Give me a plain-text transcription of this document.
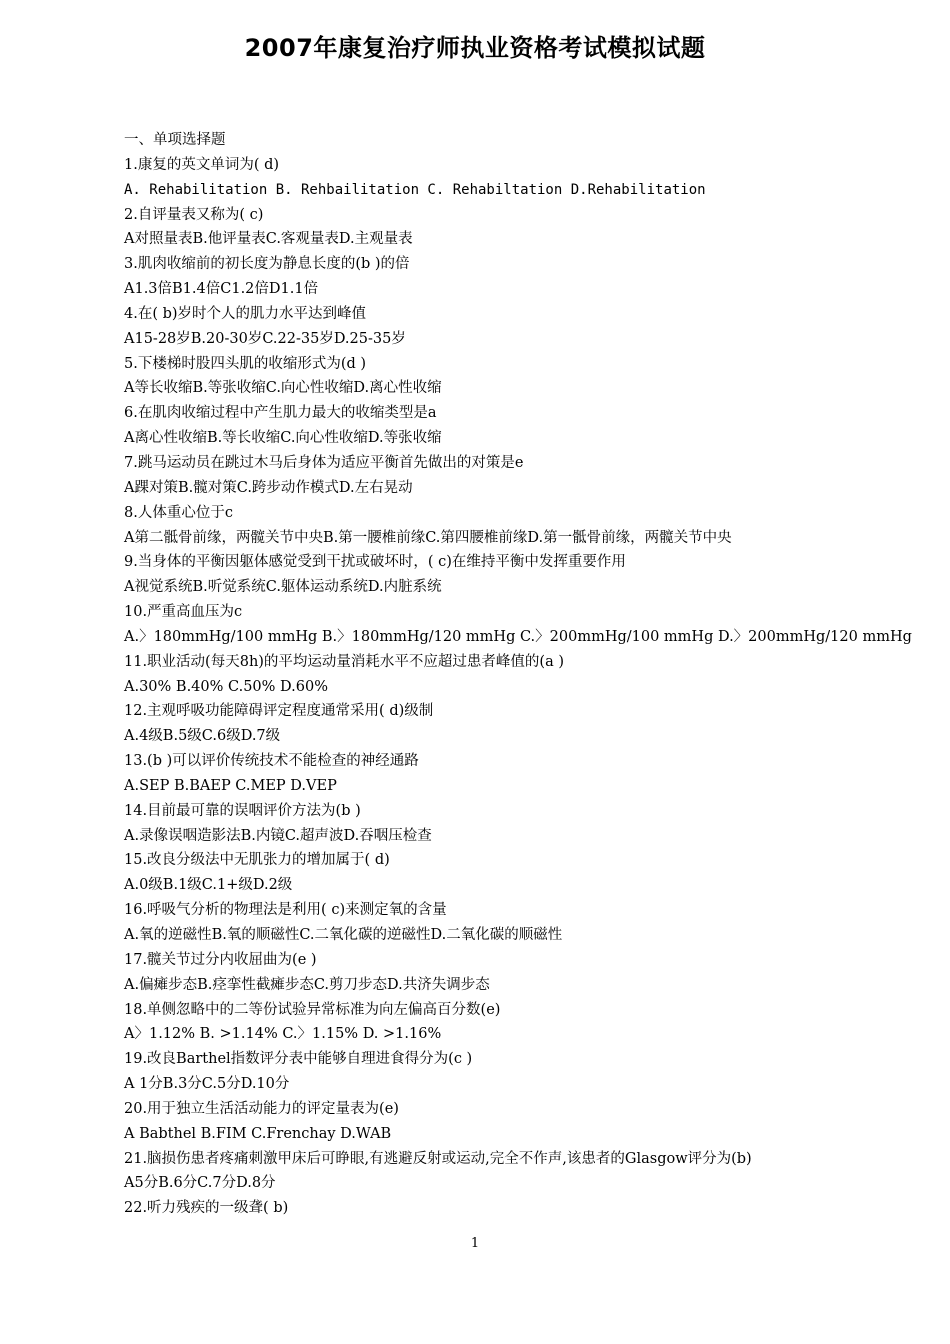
2007年康复治疗师执业资格考试模拟试题
一、单项选择题
1.康复的英文单词为( d)
A. Rehabilitation B. Rehbailitation C. Rehabiltation D.Rehabilitation
2.自评量表又称为( c)
A对照量表B.他评量表C.客观量表D.主观量表
3.肌肉收缩前的初长度为静息长度的(b )的倍
A1.3倍B1.4倍C1.2倍D1.1倍
4.在( b)岁时个人的肌力水平达到峰值
A15-28岁B.20-30岁C.22-35岁D.25-35岁
5.下楼梯时股四头肌的收缩形式为(d )
A等长收缩B.等张收缩C.向心性收缩D.离心性收缩
6.在肌肉收缩过程中产生肌力最大的收缩类型是a
A离心性收缩B.等长收缩C.向心性收缩D.等张收缩
7.跳马运动员在跳过木马后身体为适应平衡首先做出的对策是e
A踝对策B.髋对策C.跨步动作模式D.左右晃动
8.人体重心位于c
A第二骶骨前缘，两髋关节中央B.第一腰椎前缘C.第四腰椎前缘D.第一骶骨前缘，两髋关节中央
9.当身体的平衡因躯体感觉受到干扰或破坏时，( c)在维持平衡中发挥重要作用
A视觉系统B.听觉系统C.躯体运动系统D.内脏系统
10.严重高血压为c
A.〉180mmHg/100 mmHg B.〉180mmHg/120 mmHg C.〉200mmHg/100 mmHg D.〉200mmHg/120 mmHg
11.职业活动(每天8h)的平均运动量消耗水平不应超过患者峰值的(a )
A.30% B.40% C.50% D.60%
12.主观呼吸功能障碍评定程度通常采用( d)级制
A.4级B.5级C.6级D.7级
13.(b )可以评价传统技术不能检查的神经通路
A.SEP B.BAEP C.MEP D.VEP
14.目前最可靠的误咽评价方法为(b )
A.录像误咽造影法B.内镜C.超声波D.吞咽压检查
15.改良分级法中无肌张力的增加属于( d)
A.0级B.1级C.1+级D.2级
16.呼吸气分析的物理法是利用( c)来测定氧的含量
A.氧的逆磁性B.氧的顺磁性C.二氧化碳的逆磁性D.二氧化碳的顺磁性
17.髋关节过分内收屈曲为(e )
A.偏瘫步态B.痉挛性截瘫步态C.剪刀步态D.共济失调步态
18.单侧忽略中的二等份试验异常标准为向左偏高百分数(e)
A〉1.12% B. >1.14% C.〉1.15% D. >1.16%
19.改良Barthel指数评分表中能够自理进食得分为(c )
A 1分B.3分C.5分D.10分
20.用于独立生活活动能力的评定量表为(e)
A Babthel B.FIM C.Frenchay D.WAB
21.脑损伤患者疼痛刺激甲床后可睁眼,有逃避反射或运动,完全不作声,该患者的Glasgow评分为(b)
A5分B.6分C.7分D.8分
22.听力残疾的一级聋( b)
1
